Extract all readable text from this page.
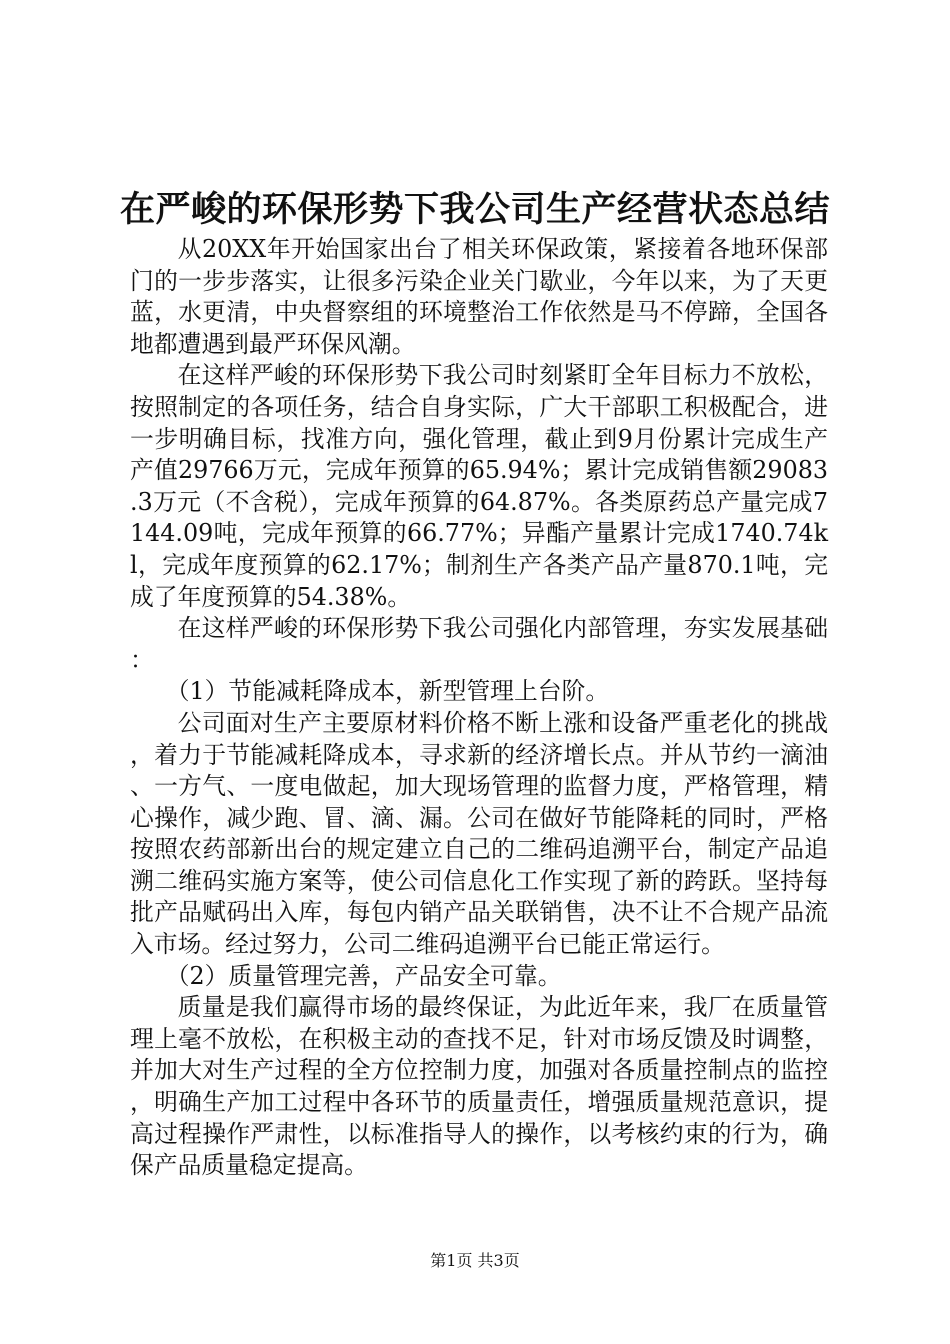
在严峻的环保形势下我公司生产经营状态总结

从20XX年开始国家出台了相关环保政策，紧接着各地环保部门的一步步落实，让很多污染企业关门歇业，今年以来，为了天更蓝，水更清，中央督察组的环境整治工作依然是马不停蹄，全国各地都遭遇到最严环保风潮。

在这样严峻的环保形势下我公司时刻紧盯全年目标力不放松，按照制定的各项任务，结合自身实际，广大干部职工积极配合，进一步明确目标，找准方向，强化管理，截止到9月份累计完成生产产值29766万元，完成年预算的65.94%；累计完成销售额29083.3万元（不含税），完成年预算的64.87%。各类原药总产量完成7144.09吨，完成年预算的66.77%；异酯产量累计完成1740.74kl，完成年度预算的62.17%；制剂生产各类产品产量870.1吨，完成了年度预算的54.38%。

在这样严峻的环保形势下我公司强化内部管理，夯实发展基础：

（1）节能减耗降成本，新型管理上台阶。

公司面对生产主要原材料价格不断上涨和设备严重老化的挑战，着力于节能减耗降成本，寻求新的经济增长点。并从节约一滴油、一方气、一度电做起，加大现场管理的监督力度，严格管理，精心操作，减少跑、冒、滴、漏。公司在做好节能降耗的同时，严格按照农药部新出台的规定建立自己的二维码追溯平台，制定产品追溯二维码实施方案等，使公司信息化工作实现了新的跨跃。坚持每批产品赋码出入库，每包内销产品关联销售，决不让不合规产品流入市场。经过努力，公司二维码追溯平台已能正常运行。

（2）质量管理完善，产品安全可靠。

质量是我们赢得市场的最终保证，为此近年来，我厂在质量管理上毫不放松，在积极主动的查找不足，针对市场反馈及时调整，并加大对生产过程的全方位控制力度，加强对各质量控制点的监控，明确生产加工过程中各环节的质量责任，增强质量规范意识，提高过程操作严肃性，以标准指导人的操作，以考核约束的行为，确保产品质量稳定提高。

第1页 共3页
